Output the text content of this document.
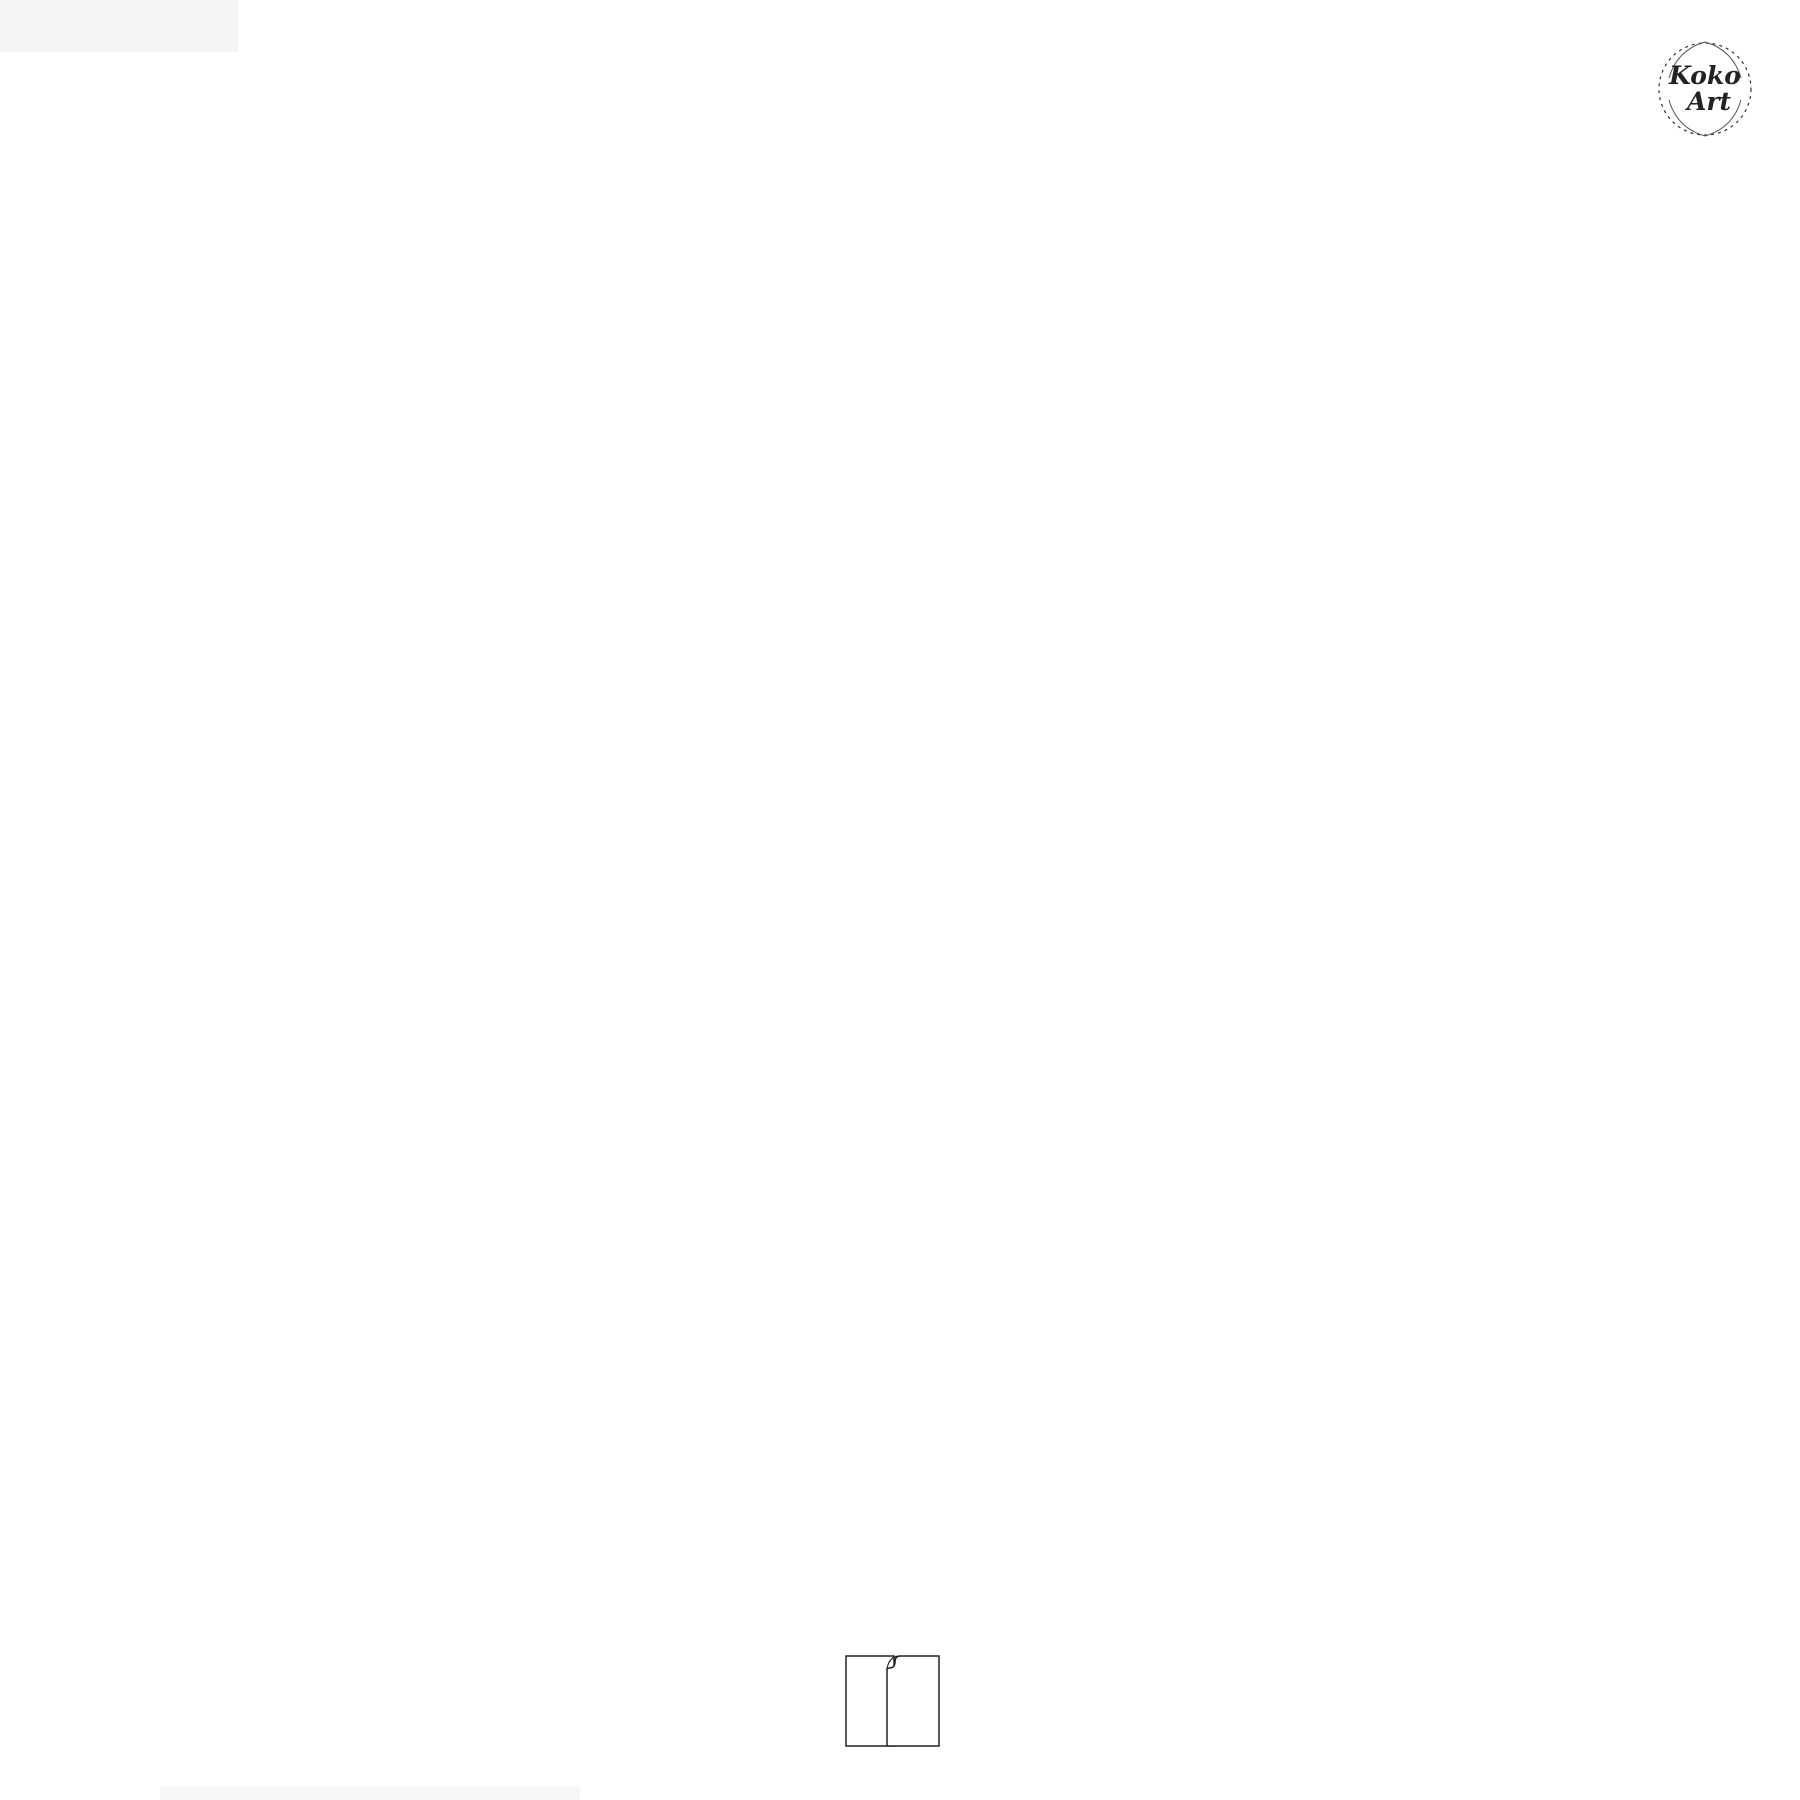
Koko
Art
